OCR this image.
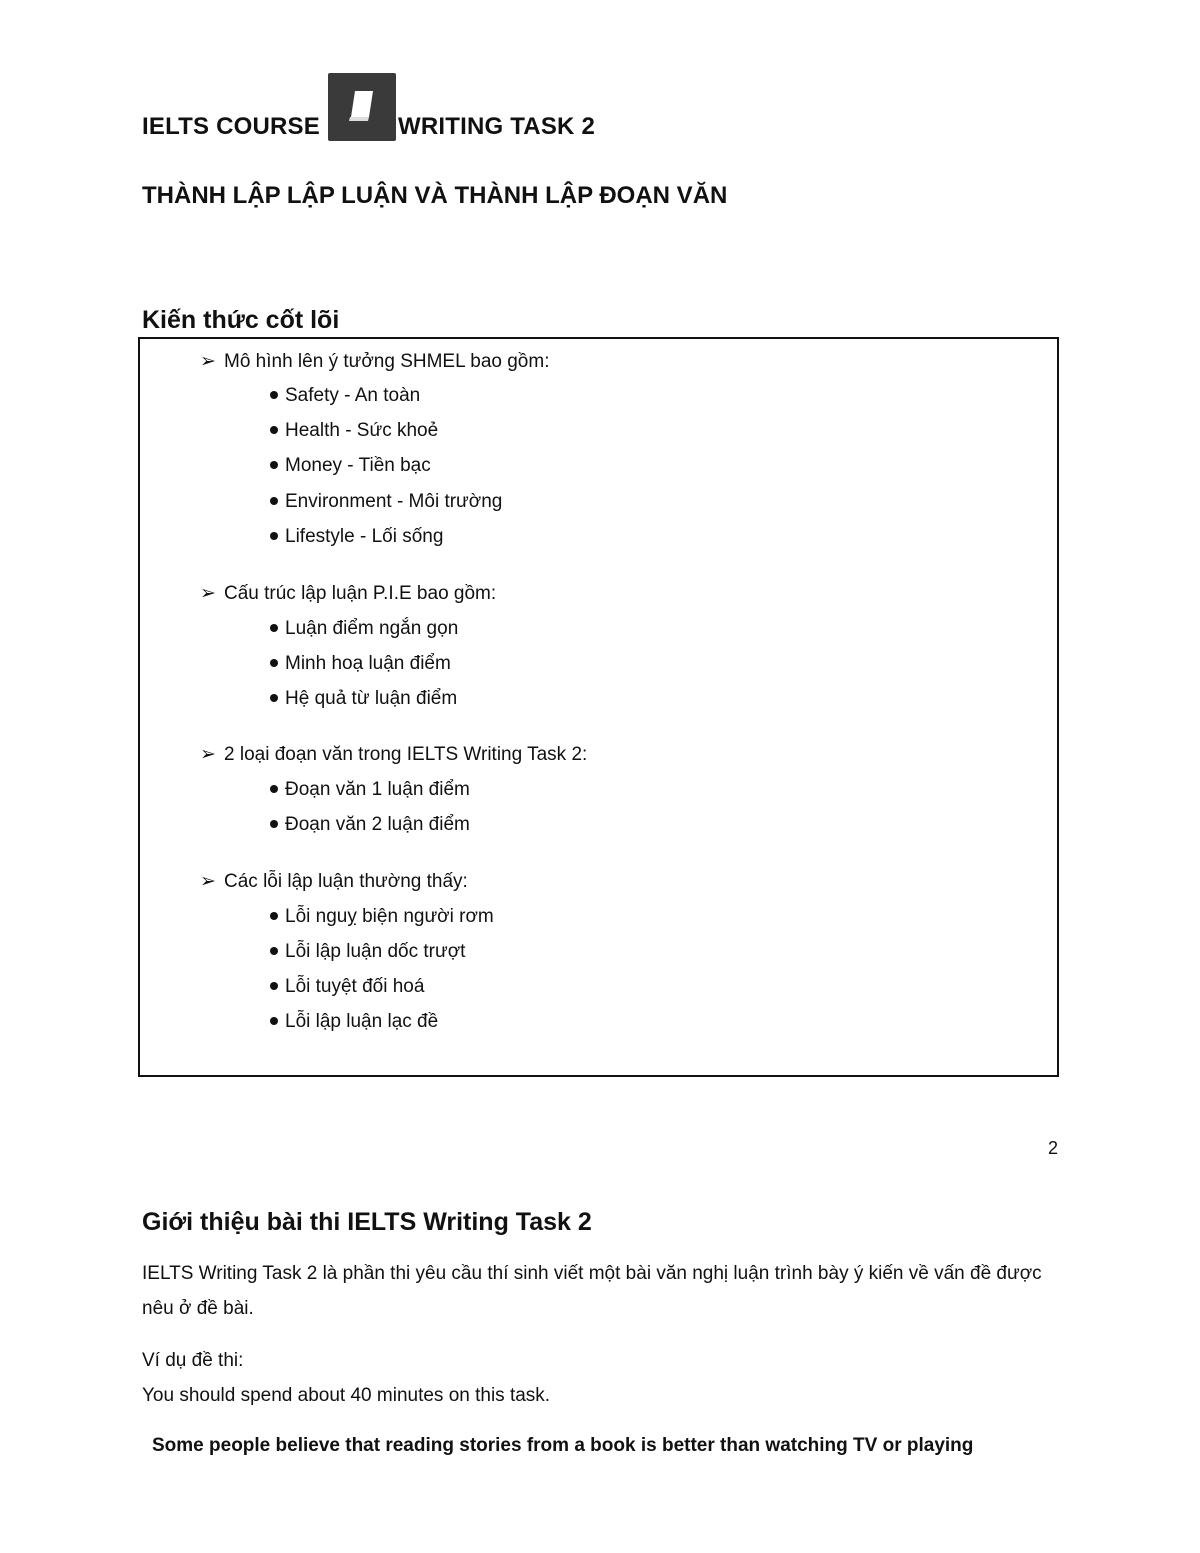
IELTS COURSE	WRITING TASK 2
THÀNH LẬP LẬP LUẬN VÀ THÀNH LẬP ĐOẠN VĂN
Kiến thức cốt lõi
➢ Mô hình lên ý tưởng SHMEL bao gồm:
Safety - An toàn
Health - Sức khoẻ
Money - Tiền bạc
Environment - Môi trường
Lifestyle - Lối sống
➢ Cấu trúc lập luận P.I.E bao gồm:
Luận điểm ngắn gọn
Minh hoạ luận điểm
Hệ quả từ luận điểm
➢ 2 loại đoạn văn trong IELTS Writing Task 2:
Đoạn văn 1 luận điểm
Đoạn văn 2 luận điểm
➢ Các lỗi lập luận thường thấy:
Lỗi nguỵ biện người rơm
Lỗi lập luận dốc trượt
Lỗi tuyệt đối hoá
Lỗi lập luận lạc đề
2
Giới thiệu bài thi IELTS Writing Task 2
IELTS Writing Task 2 là phần thi yêu cầu thí sinh viết một bài văn nghị luận trình bày ý kiến về vấn đề được nêu ở đề bài.
Ví dụ đề thi:
You should spend about 40 minutes on this task.
Some people believe that reading stories from a book is better than watching TV or playing
